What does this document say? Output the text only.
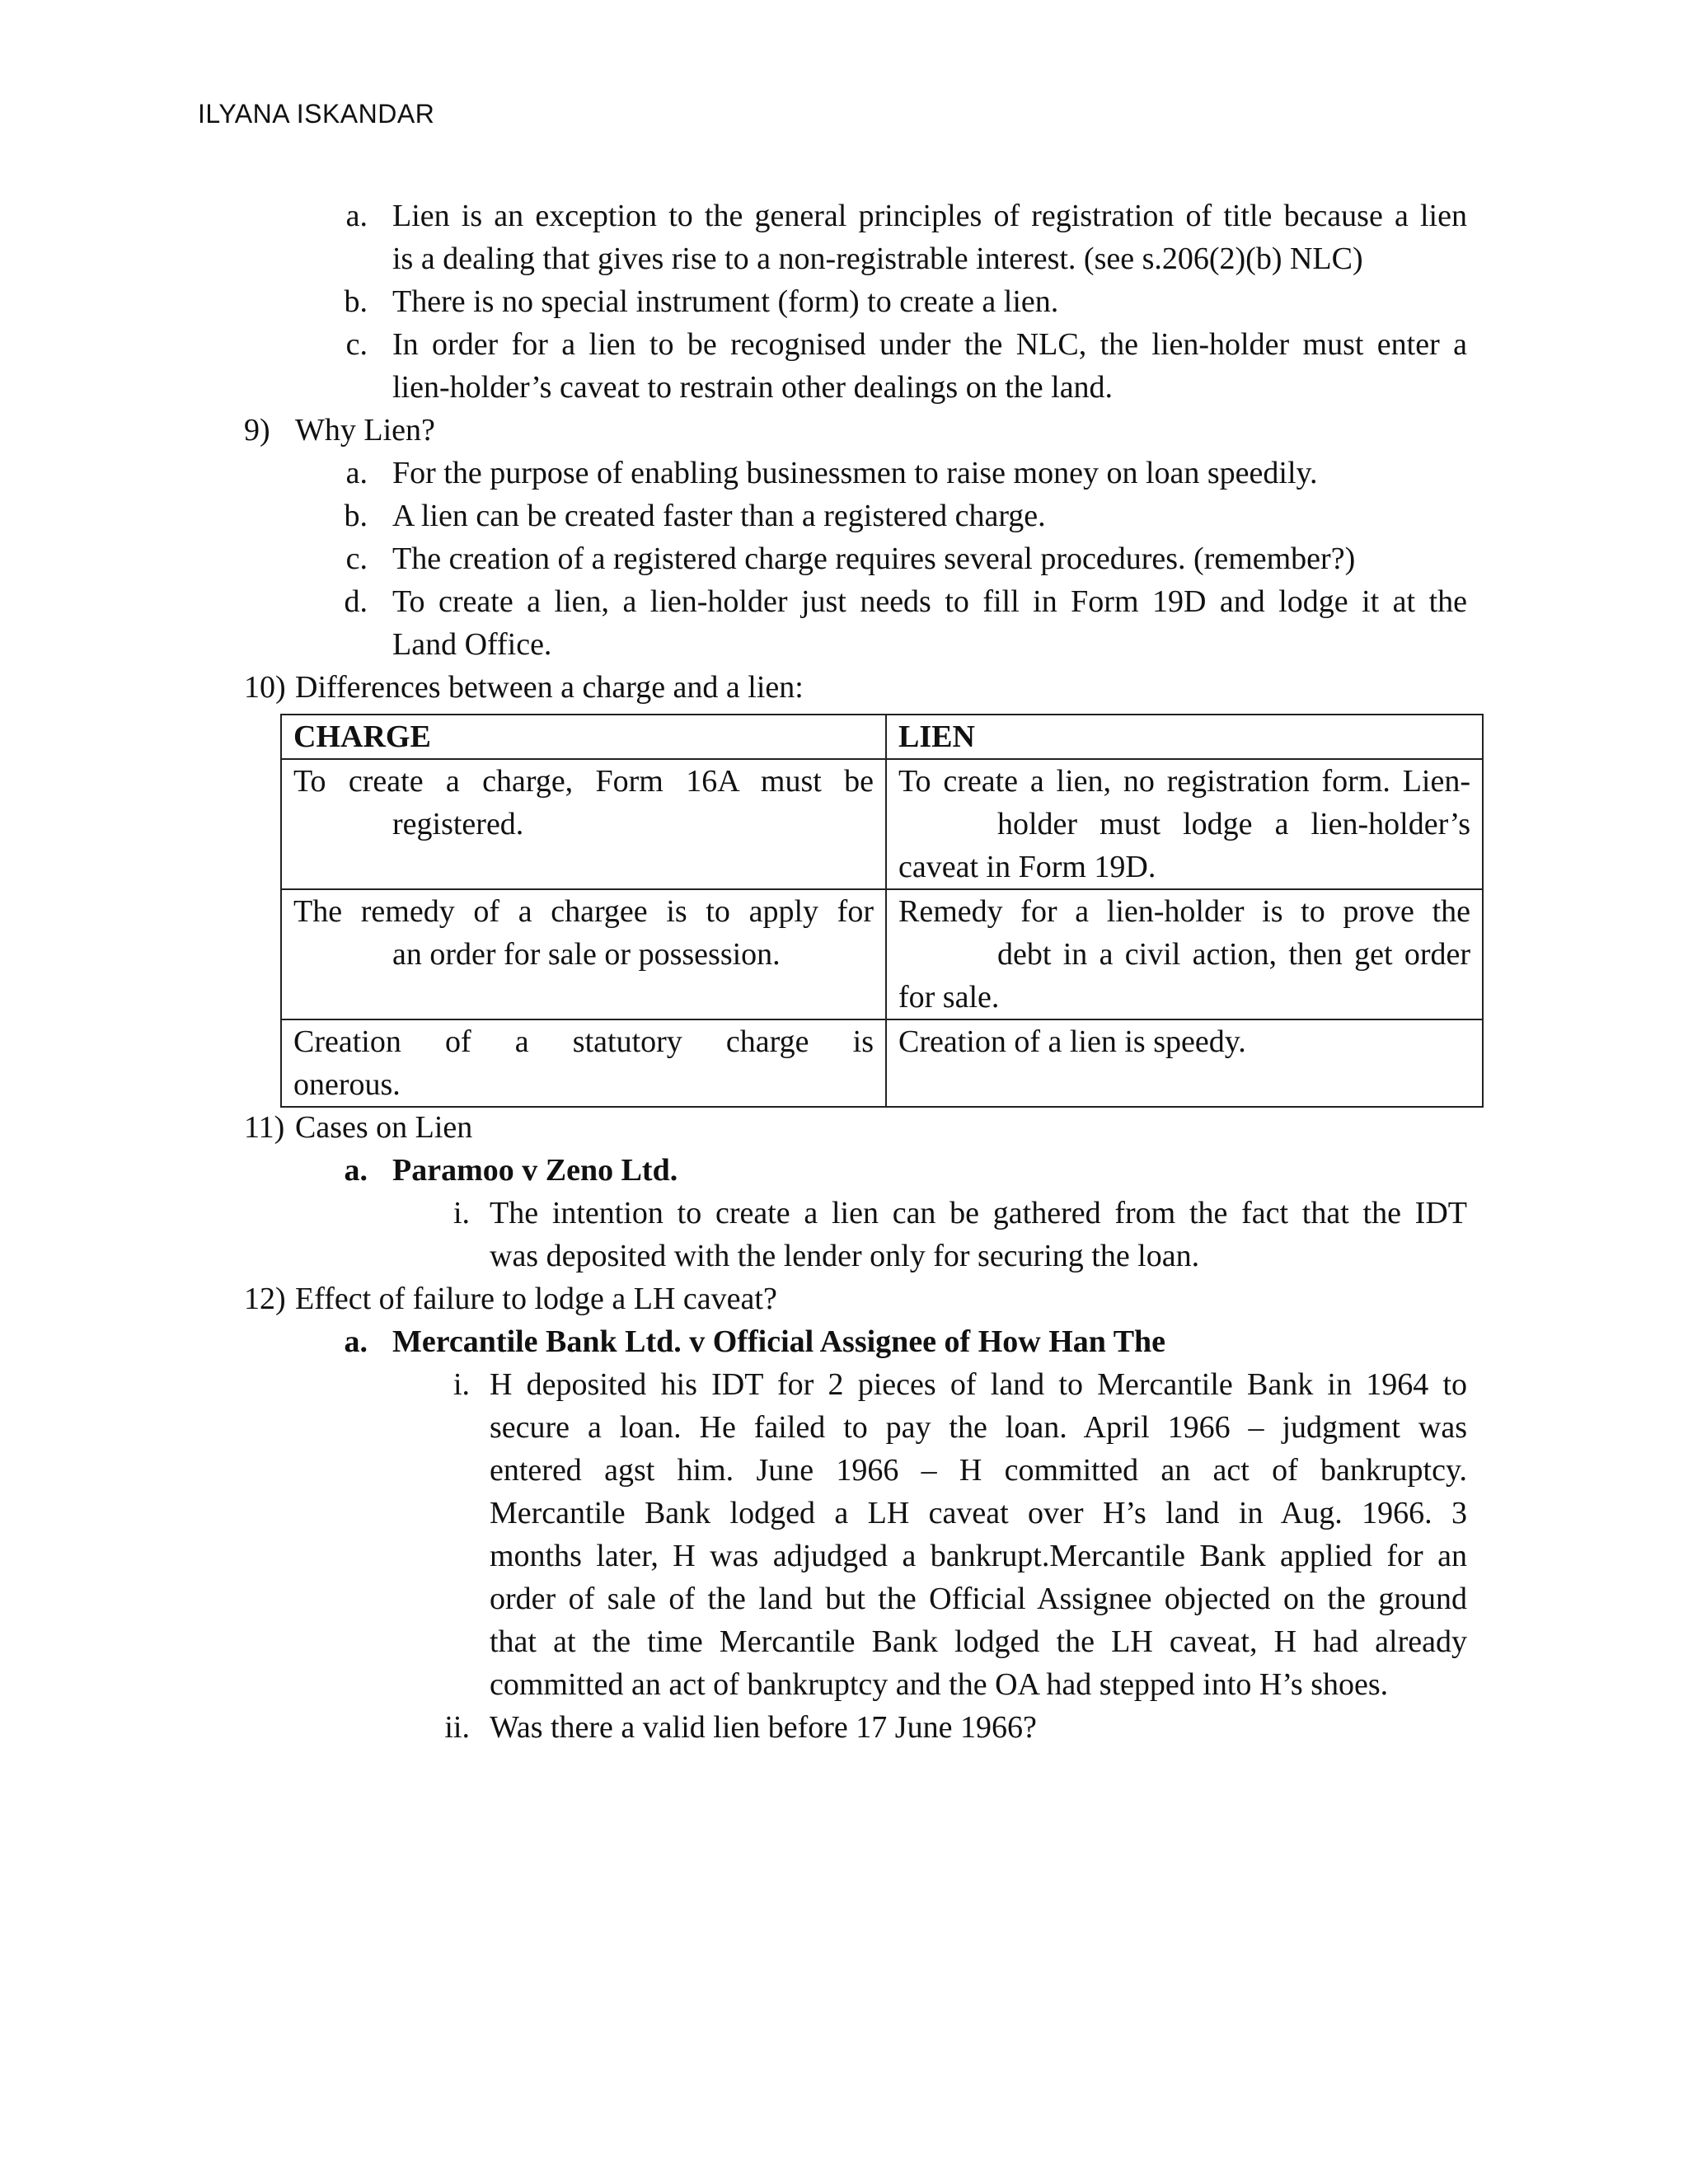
ILYANA ISKANDAR
a. Lien is an exception to the general principles of registration of title because a lien
is a dealing that gives rise to a non-registrable interest. (see s.206(2)(b) NLC)
b. There is no special instrument (form) to create a lien.
c. In order for a lien to be recognised under the NLC, the lien-holder must enter a
lien-holder’s caveat to restrain other dealings on the land.
9) Why Lien?
a. For the purpose of enabling businessmen to raise money on loan speedily.
b. A lien can be created faster than a registered charge.
c. The creation of a registered charge requires several procedures. (remember?)
d. To create a lien, a lien-holder just needs to fill in Form 19D and lodge it at the
Land Office.
10) Differences between a charge and a lien:
CHARGE	LIEN

To create a charge, Form 16A must be
registered.	To create a lien, no registration form. Lien-
holder must lodge a lien-holder’s
caveat in Form 19D.

The remedy of a chargee is to apply for
an order for sale or possession.	Remedy for a lien-holder is to prove the
debt in a civil action, then get order
for sale.

Creation of a statutory charge is
onerous.	Creation of a lien is speedy.
11) Cases on Lien
a. Paramoo v Zeno Ltd.
i. The intention to create a lien can be gathered from the fact that the IDT
was deposited with the lender only for securing the loan.
12) Effect of failure to lodge a LH caveat?
a. Mercantile Bank Ltd. v Official Assignee of How Han The
i. H deposited his IDT for 2 pieces of land to Mercantile Bank in 1964 to
secure a loan. He failed to pay the loan. April 1966 – judgment was
entered agst him. June 1966 – H committed an act of bankruptcy.
Mercantile Bank lodged a LH caveat over H’s land in Aug. 1966. 3
months later, H was adjudged a bankrupt.Mercantile Bank applied for an
order of sale of the land but the Official Assignee objected on the ground
that at the time Mercantile Bank lodged the LH caveat, H had already
committed an act of bankruptcy and the OA had stepped into H’s shoes.
ii. Was there a valid lien before 17 June 1966?
